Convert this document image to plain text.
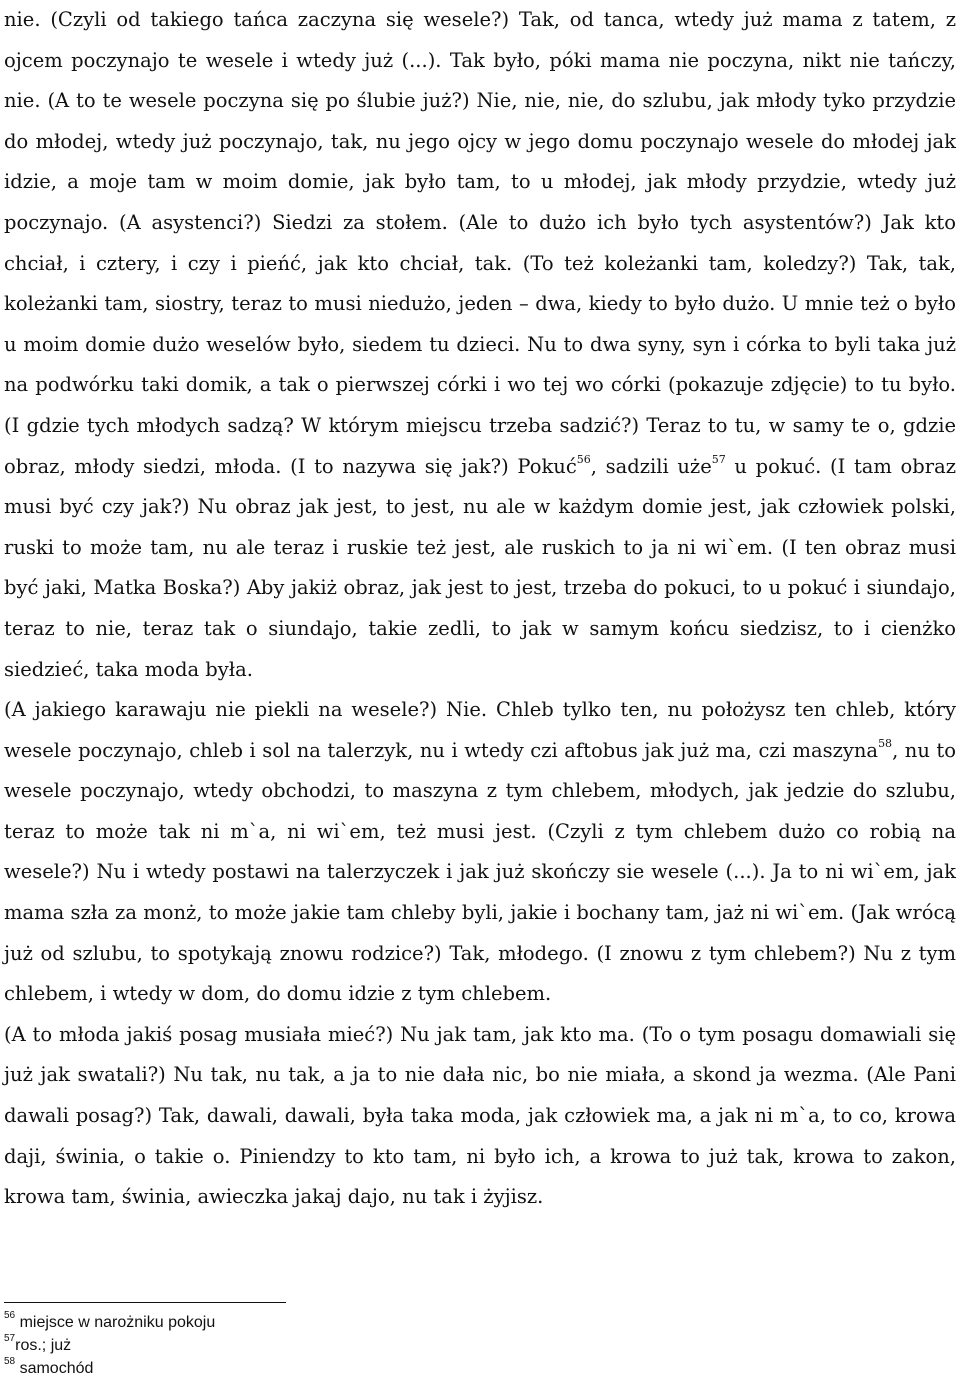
nie. (Czyli od takiego tańca zaczyna się wesele?) Tak, od tanca, wtedy już mama z tatem, z ojcem poczynajo te wesele i wtedy już (...). Tak było, póki mama nie poczyna, nikt nie tańczy, nie. (A to te wesele poczyna się po ślubie już?) Nie, nie, nie, do szlubu, jak młody tyko przydzie do młodej, wtedy już poczynajo, tak, nu jego ojcy w jego domu poczynajo wesele do młodej jak idzie, a moje tam w moim domie, jak było tam, to u młodej, jak młody przydzie, wtedy już poczynajo. (A asystenci?) Siedzi za stołem. (Ale to dużo ich było tych asystentów?) Jak kto chciał, i cztery, i czy i pieńć, jak kto chciał, tak. (To też koleżanki tam, koledzy?) Tak, tak, koleżanki tam, siostry, teraz to musi niedużo, jeden – dwa, kiedy to było dużo. U mnie też o było u moim domie dużo weselów było, siedem tu dzieci. Nu to dwa syny, syn i córka to byli taka już na podwórku taki domik, a tak o pierwszej córki i wo tej wo córki (pokazuje zdjęcie) to tu było. (I gdzie tych młodych sadzą? W którym miejscu trzeba sadzić?) Teraz to tu, w samy te o, gdzie obraz, młody siedzi, młoda. (I to nazywa się jak?) Pokuć$^{56}$, sadzili uże$^{57}$ u pokuć. (I tam obraz musi być czy jak?) Nu obraz jak jest, to jest, nu ale w każdym domie jest, jak człowiek polski, ruski to może tam, nu ale teraz i ruskie też jest, ale ruskich to ja ni wi`em. (I ten obraz musi być jaki, Matka Boska?) Aby jakiż obraz, jak jest to jest, trzeba do pokuci, to u pokuć i siundajo, teraz to nie, teraz tak o siundajo, takie zedli, to jak w samym końcu siedzisz, to i cienżko siedzieć, taka moda była.

(A jakiego karawaju nie piekli na wesele?) Nie. Chleb tylko ten, nu położysz ten chleb, który wesele poczynajo, chleb i sol na talerzyk, nu i wtedy czi aftobus jak już ma, czi maszyna$^{58}$, nu to wesele poczynajo, wtedy obchodzi, to maszyna z tym chlebem, młodych, jak jedzie do szlubu, teraz to może tak ni m`a, ni wi`em, też musi jest. (Czyli z tym chlebem dużo co robią na wesele?) Nu i wtedy postawi na talerzyczek i jak już skończy sie wesele (...). Ja to ni wi`em, jak mama szła za monż, to może jakie tam chleby byli, jakie i bochany tam, jaż ni wi`em. (Jak wrócą już od szlubu, to spotykają znowu rodzice?) Tak, młodego. (I znowu z tym chlebem?) Nu z tym chlebem, i wtedy w dom, do domu idzie z tym chlebem.

(A to młoda jakiś posag musiała mieć?) Nu jak tam, jak kto ma. (To o tym posagu domawiali się już jak swatali?) Nu tak, nu tak, a ja to nie dała nic, bo nie miała, a skond ja wezma. (Ale Pani dawali posag?) Tak, dawali, dawali, była taka moda, jak człowiek ma, a jak ni m`a, to co, krowa daji, świnia, o takie o. Piniendzy to kto tam, ni było ich, a krowa to już tak, krowa to zakon, krowa tam, świnia, awieczka jakaj dajo, nu tak i żyjisz.

$^{56}$ miejsce w narożniku pokoju

$^{57}$ros.; już

$^{58}$ samochód
